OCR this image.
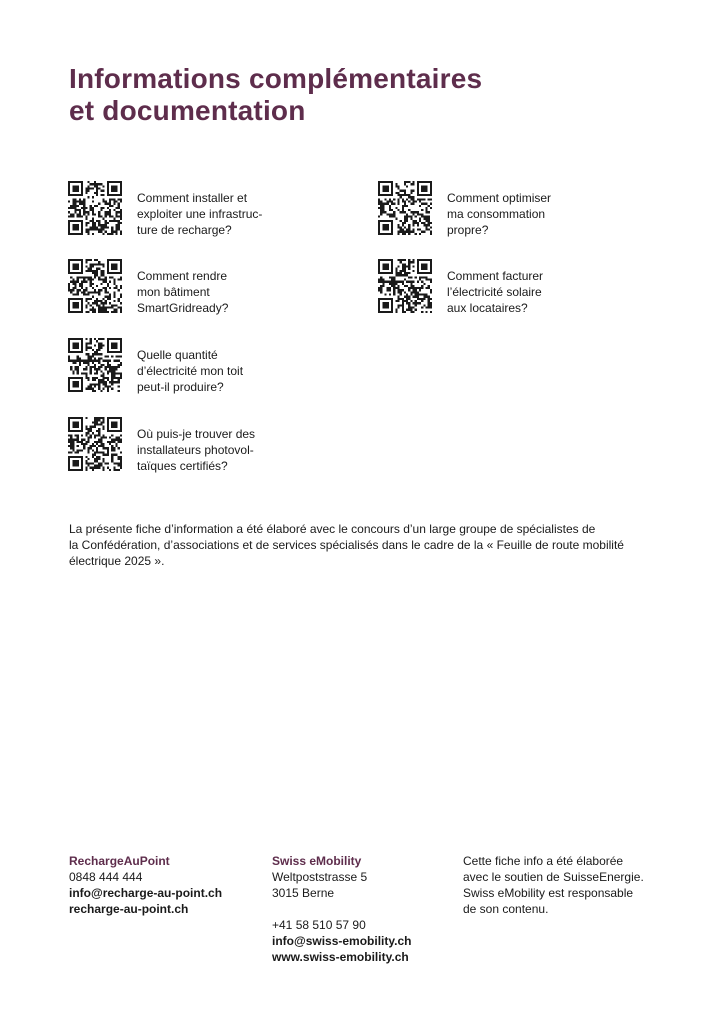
Informations complémentaires
et documentation
Comment installer et
exploiter une infrastruc-
ture de recharge?
Comment rendre
mon bâtiment
SmartGridready?
Quelle quantité
d’électricité mon toit
peut-il produire?
Où puis-je trouver des
installateurs photovol-
taïques certifiés?
Comment optimiser
ma consommation
propre?
Comment facturer
l’électricité solaire
aux locataires?
La présente fiche d’information a été élaboré avec le concours d’un large groupe de spécialistes de
la Confédération, d’associations et de services spécialisés dans le cadre de la « Feuille de route mobilité
électrique 2025 ».
RechargeAuPoint
0848 444 444
info@recharge-au-point.ch
recharge-au-point.ch
Swiss eMobility
Weltpoststrasse 5
3015 Berne
+41 58 510 57 90
info@swiss-emobility.ch
www.swiss-emobility.ch
Cette fiche info a été élaborée
avec le soutien de SuisseEnergie.
Swiss eMobility est responsable
de son contenu.
